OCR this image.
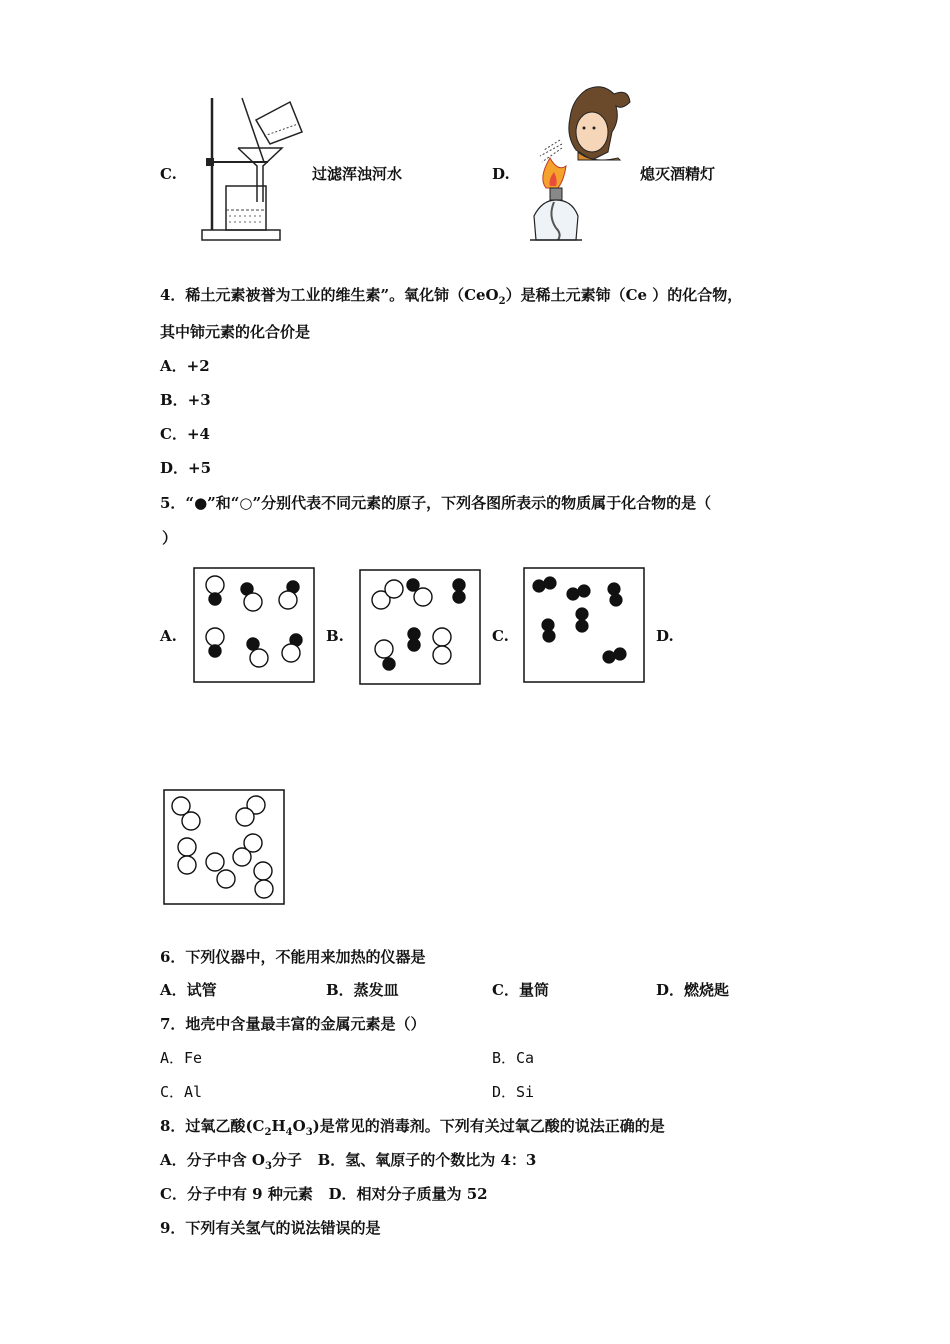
C.	过滤浑浊河水	D.	熄灭酒精灯
4．稀土元素被誉为工业的维生素”。氧化铈（CeO$_2$）是稀土元素铈（Ce ）的化合物，
其中铈元素的化合价是
A．+2
B．+3
C．+4
D．+5
5．“●”和“○”分别代表不同元素的原子，下列各图所表示的物质属于化合物的是（
）
A.	B.	C.	D.
6．下列仪器中，不能用来加热的仪器是
A．试管	B．蒸发皿	C．量筒	D．燃烧匙
7．地壳中含量最丰富的金属元素是（）
A．Fe	B．Ca
C．Al	D．Si
8．过氧乙酸$(C_2H_4O_3)$是常见的消毒剂。下列有关过氧乙酸的说法正确的是
A．分子中含 $O_3$分子 B．氢、氧原子的个数比为 4：3
C．分子中有 9 种元素 D．相对分子质量为 52
9．下列有关氢气的说法错误的是
